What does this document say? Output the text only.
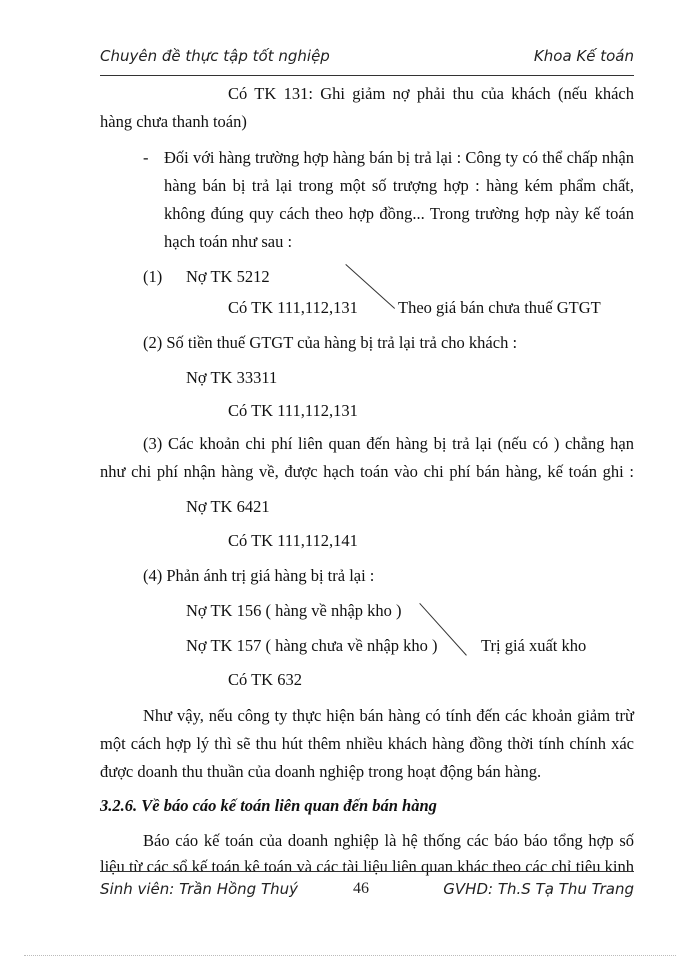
Chuyên đề thực tập tốt nghiệp	Khoa Kế toán
Có TK 131: Ghi giảm nợ phải thu của khách (nếu khách
hàng chưa thanh toán)
- Đối với hàng trường hợp hàng bán bị trả lại : Công ty có thể chấp nhận
hàng bán bị trả lại trong một số trượng hợp : hàng kém phẩm chất,
không đúng quy cách theo hợp đồng... Trong trường hợp này kế toán
hạch toán như sau :
(1) Nợ TK 5212
Có TK 111,112,131 Theo giá bán chưa thuế GTGT
(2) Số tiền thuế GTGT của hàng bị trả lại trả cho khách :
Nợ TK 33311
Có TK 111,112,131
(3) Các khoản chi phí liên quan đến hàng bị trả lại (nếu có ) chẳng hạn
như chi phí nhận hàng về, được hạch toán vào chi phí bán hàng, kế toán ghi :
Nợ TK 6421
Có TK 111,112,141
(4) Phản ánh trị giá hàng bị trả lại :
Nợ TK 156 ( hàng về nhập kho )
Nợ TK 157 ( hàng chưa về nhập kho )	Trị giá xuất kho
Có TK 632
Như vậy, nếu công ty thực hiện bán hàng có tính đến các khoản giảm trừ
một cách hợp lý thì sẽ thu hút thêm nhiều khách hàng đồng thời tính chính xác
được doanh thu thuần của doanh nghiệp trong hoạt động bán hàng.
3.2.6. Về báo cáo kế toán liên quan đến bán hàng
Báo cáo kế toán của doanh nghiệp là hệ thống các báo báo tổng hợp số
liệu từ các sổ kế toán kê toán và các tài liệu liên quan khác theo các chỉ tiêu kinh
Sinh viên: Trần Hồng Thuý	46	GVHD: Th.S Tạ Thu Trang
